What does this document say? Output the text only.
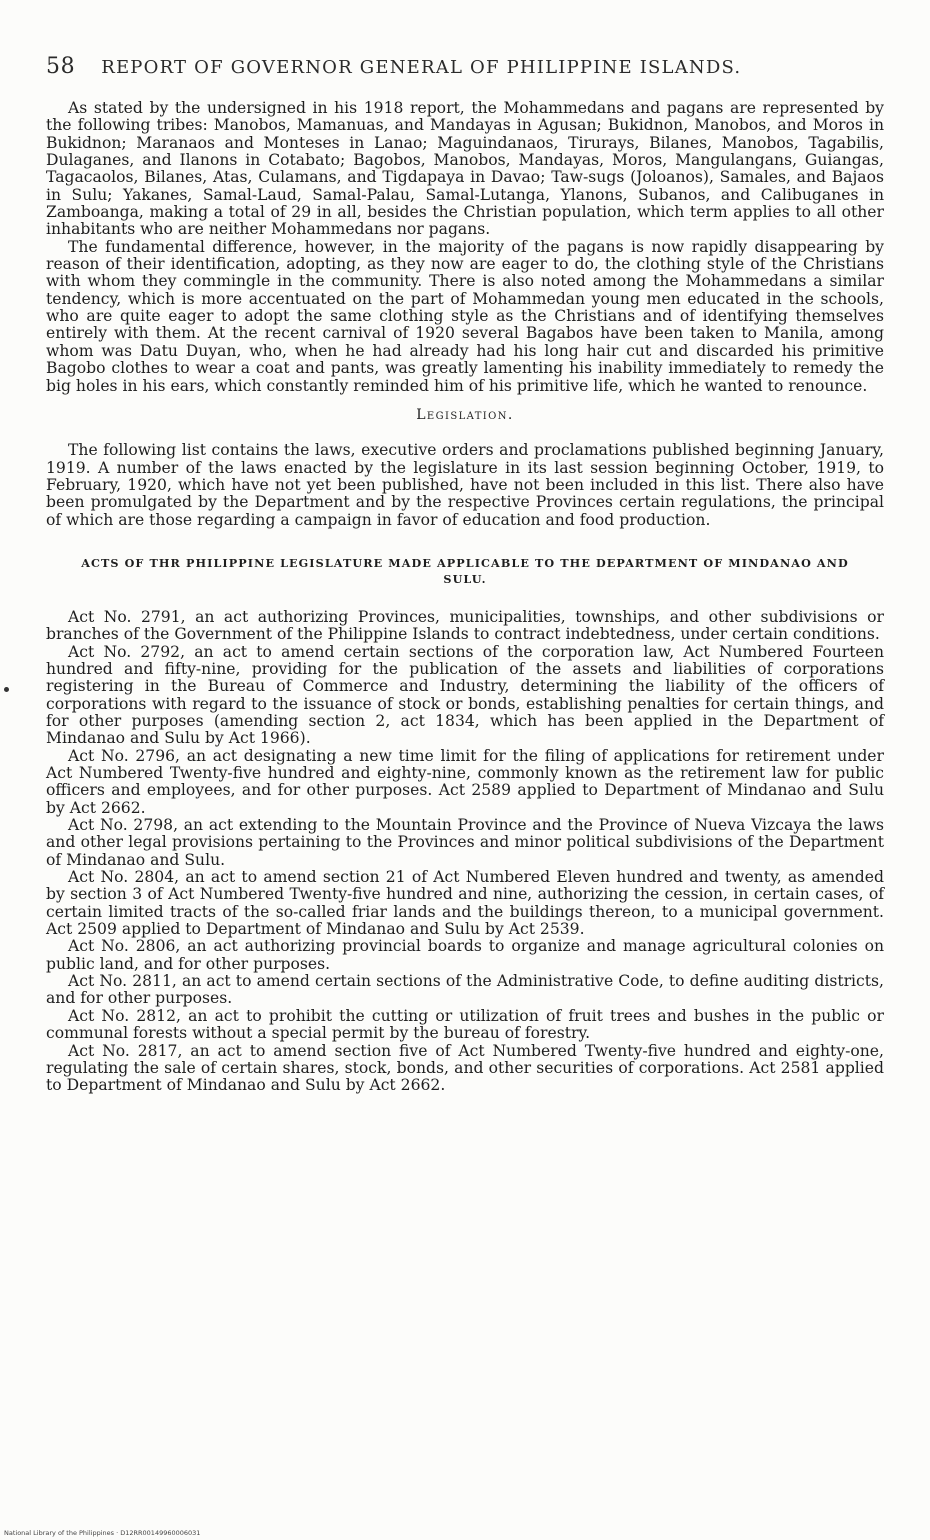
58 REPORT OF GOVERNOR GENERAL OF PHILIPPINE ISLANDS.

As stated by the undersigned in his 1918 report, the Mohammedans and pagans are represented by the following tribes: Manobos, Mamanuas, and Mandayas in Agusan; Bukidnon, Manobos, and Moros in Bukidnon; Maranaos and Monteses in Lanao; Maguindanaos, Tirurays, Bilanes, Manobos, Tagabilis, Dulaganes, and Ilanons in Cotabato; Bagobos, Manobos, Mandayas, Moros, Mangulangans, Guiangas, Tagacaolos, Bilanes, Atas, Culamans, and Tigdapaya in Davao; Taw-sugs (Joloanos), Samales, and Bajaos in Sulu; Yakanes, Samal-Laud, Samal-Palau, Samal-Lutanga, Ylanons, Subanos, and Calibuganes in Zamboanga, making a total of 29 in all, besides the Christian population, which term applies to all other inhabitants who are neither Mohammedans nor pagans.

The fundamental difference, however, in the majority of the pagans is now rapidly disappearing by reason of their identification, adopting, as they now are eager to do, the clothing style of the Christians with whom they commingle in the community. There is also noted among the Mohammedans a similar tendency, which is more accentuated on the part of Mohammedan young men educated in the schools, who are quite eager to adopt the same clothing style as the Christians and of identifying themselves entirely with them. At the recent carnival of 1920 several Bagabos have been taken to Manila, among whom was Datu Duyan, who, when he had already had his long hair cut and discarded his primitive Bagobo clothes to wear a coat and pants, was greatly lamenting his inability immediately to remedy the big holes in his ears, which constantly reminded him of his primitive life, which he wanted to renounce.

Legislation.

The following list contains the laws, executive orders and proclamations published beginning January, 1919. A number of the laws enacted by the legislature in its last session beginning October, 1919, to February, 1920, which have not yet been published, have not been included in this list. There also have been promulgated by the Department and by the respective Provinces certain regulations, the principal of which are those regarding a campaign in favor of education and food production.

ACTS OF THR PHILIPPINE LEGISLATURE MADE APPLICABLE TO THE DEPARTMENT OF MINDANAO AND SULU.

Act No. 2791, an act authorizing Provinces, municipalities, townships, and other subdivisions or branches of the Government of the Philippine Islands to contract indebtedness, under certain conditions.

Act No. 2792, an act to amend certain sections of the corporation law, Act Numbered Fourteen hundred and fifty-nine, providing for the publication of the assets and liabilities of corporations registering in the Bureau of Commerce and Industry, determining the liability of the officers of corporations with regard to the issuance of stock or bonds, establishing penalties for certain things, and for other purposes (amending section 2, act 1834, which has been applied in the Department of Mindanao and Sulu by Act 1966).

Act No. 2796, an act designating a new time limit for the filing of applications for retirement under Act Numbered Twenty-five hundred and eighty-nine, commonly known as the retirement law for public officers and employees, and for other purposes. Act 2589 applied to Department of Mindanao and Sulu by Act 2662.

Act No. 2798, an act extending to the Mountain Province and the Province of Nueva Vizcaya the laws and other legal provisions pertaining to the Provinces and minor political subdivisions of the Department of Mindanao and Sulu.

Act No. 2804, an act to amend section 21 of Act Numbered Eleven hundred and twenty, as amended by section 3 of Act Numbered Twenty-five hundred and nine, authorizing the cession, in certain cases, of certain limited tracts of the so-called friar lands and the buildings thereon, to a municipal government. Act 2509 applied to Department of Mindanao and Sulu by Act 2539.

Act No. 2806, an act authorizing provincial boards to organize and manage agricultural colonies on public land, and for other purposes.

Act No. 2811, an act to amend certain sections of the Administrative Code, to define auditing districts, and for other purposes.

Act No. 2812, an act to prohibit the cutting or utilization of fruit trees and bushes in the public or communal forests without a special permit by the bureau of forestry.

Act No. 2817, an act to amend section five of Act Numbered Twenty-five hundred and eighty-one, regulating the sale of certain shares, stock, bonds, and other securities of corporations. Act 2581 applied to Department of Mindanao and Sulu by Act 2662.

National Library of the Philippines · D12RR00149960006031
